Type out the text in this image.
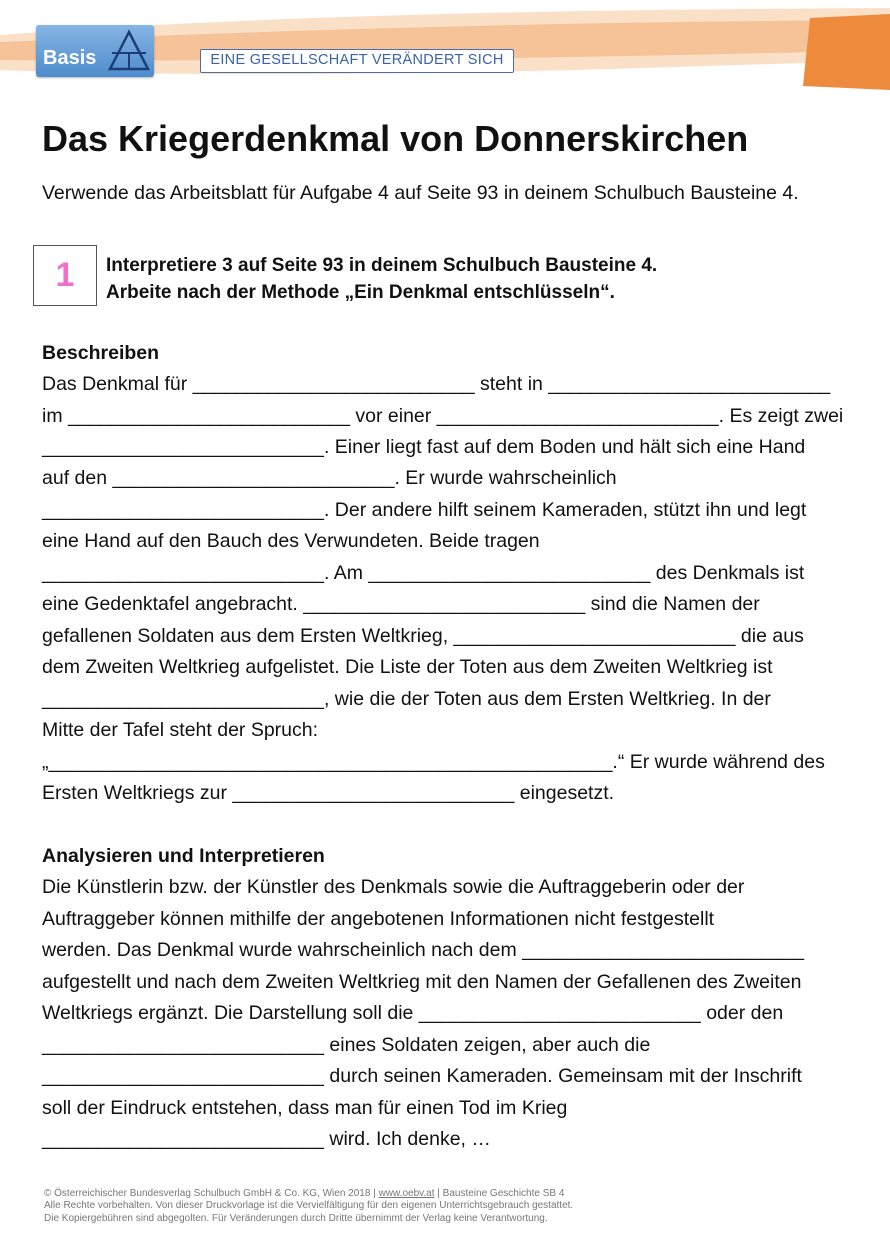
Basis	EINE GESELLSCHAFT VERÄNDERT SICH
Das Kriegerdenkmal von Donnerskirchen
Verwende das Arbeitsblatt für Aufgabe 4 auf Seite 93 in deinem Schulbuch Bausteine 4.
1	Interpretiere 3 auf Seite 93 in deinem Schulbuch Bausteine 4.
Arbeite nach der Methode „Ein Denkmal entschlüsseln“.
Beschreiben
Das Denkmal für __________________________ steht in __________________________
im __________________________ vor einer __________________________. Es zeigt zwei
__________________________. Einer liegt fast auf dem Boden und hält sich eine Hand
auf den __________________________. Er wurde wahrscheinlich
__________________________. Der andere hilft seinem Kameraden, stützt ihn und legt
eine Hand auf den Bauch des Verwundeten. Beide tragen
__________________________. Am __________________________ des Denkmals ist
eine Gedenktafel angebracht. __________________________ sind die Namen der
gefallenen Soldaten aus dem Ersten Weltkrieg, __________________________ die aus
dem Zweiten Weltkrieg aufgelistet. Die Liste der Toten aus dem Zweiten Weltkrieg ist
__________________________, wie die der Toten aus dem Ersten Weltkrieg. In der
Mitte der Tafel steht der Spruch:
„____________________________________________________.“ Er wurde während des
Ersten Weltkriegs zur __________________________ eingesetzt.
Analysieren und Interpretieren
Die Künstlerin bzw. der Künstler des Denkmals sowie die Auftraggeberin oder der
Auftraggeber können mithilfe der angebotenen Informationen nicht festgestellt
werden. Das Denkmal wurde wahrscheinlich nach dem __________________________
aufgestellt und nach dem Zweiten Weltkrieg mit den Namen der Gefallenen des Zweiten
Weltkriegs ergänzt. Die Darstellung soll die __________________________ oder den
__________________________ eines Soldaten zeigen, aber auch die
__________________________ durch seinen Kameraden. Gemeinsam mit der Inschrift
soll der Eindruck entstehen, dass man für einen Tod im Krieg
__________________________ wird. Ich denke, …
© Österreichischer Bundesverlag Schulbuch GmbH & Co. KG, Wien 2018 | www.oebv.at | Bausteine Geschichte SB 4
Alle Rechte vorbehalten. Von dieser Druckvorlage ist die Vervielfältigung für den eigenen Unterrichtsgebrauch gestattet.
Die Kopiergebühren sind abgegolten. Für Veränderungen durch Dritte übernimmt der Verlag keine Verantwortung.
